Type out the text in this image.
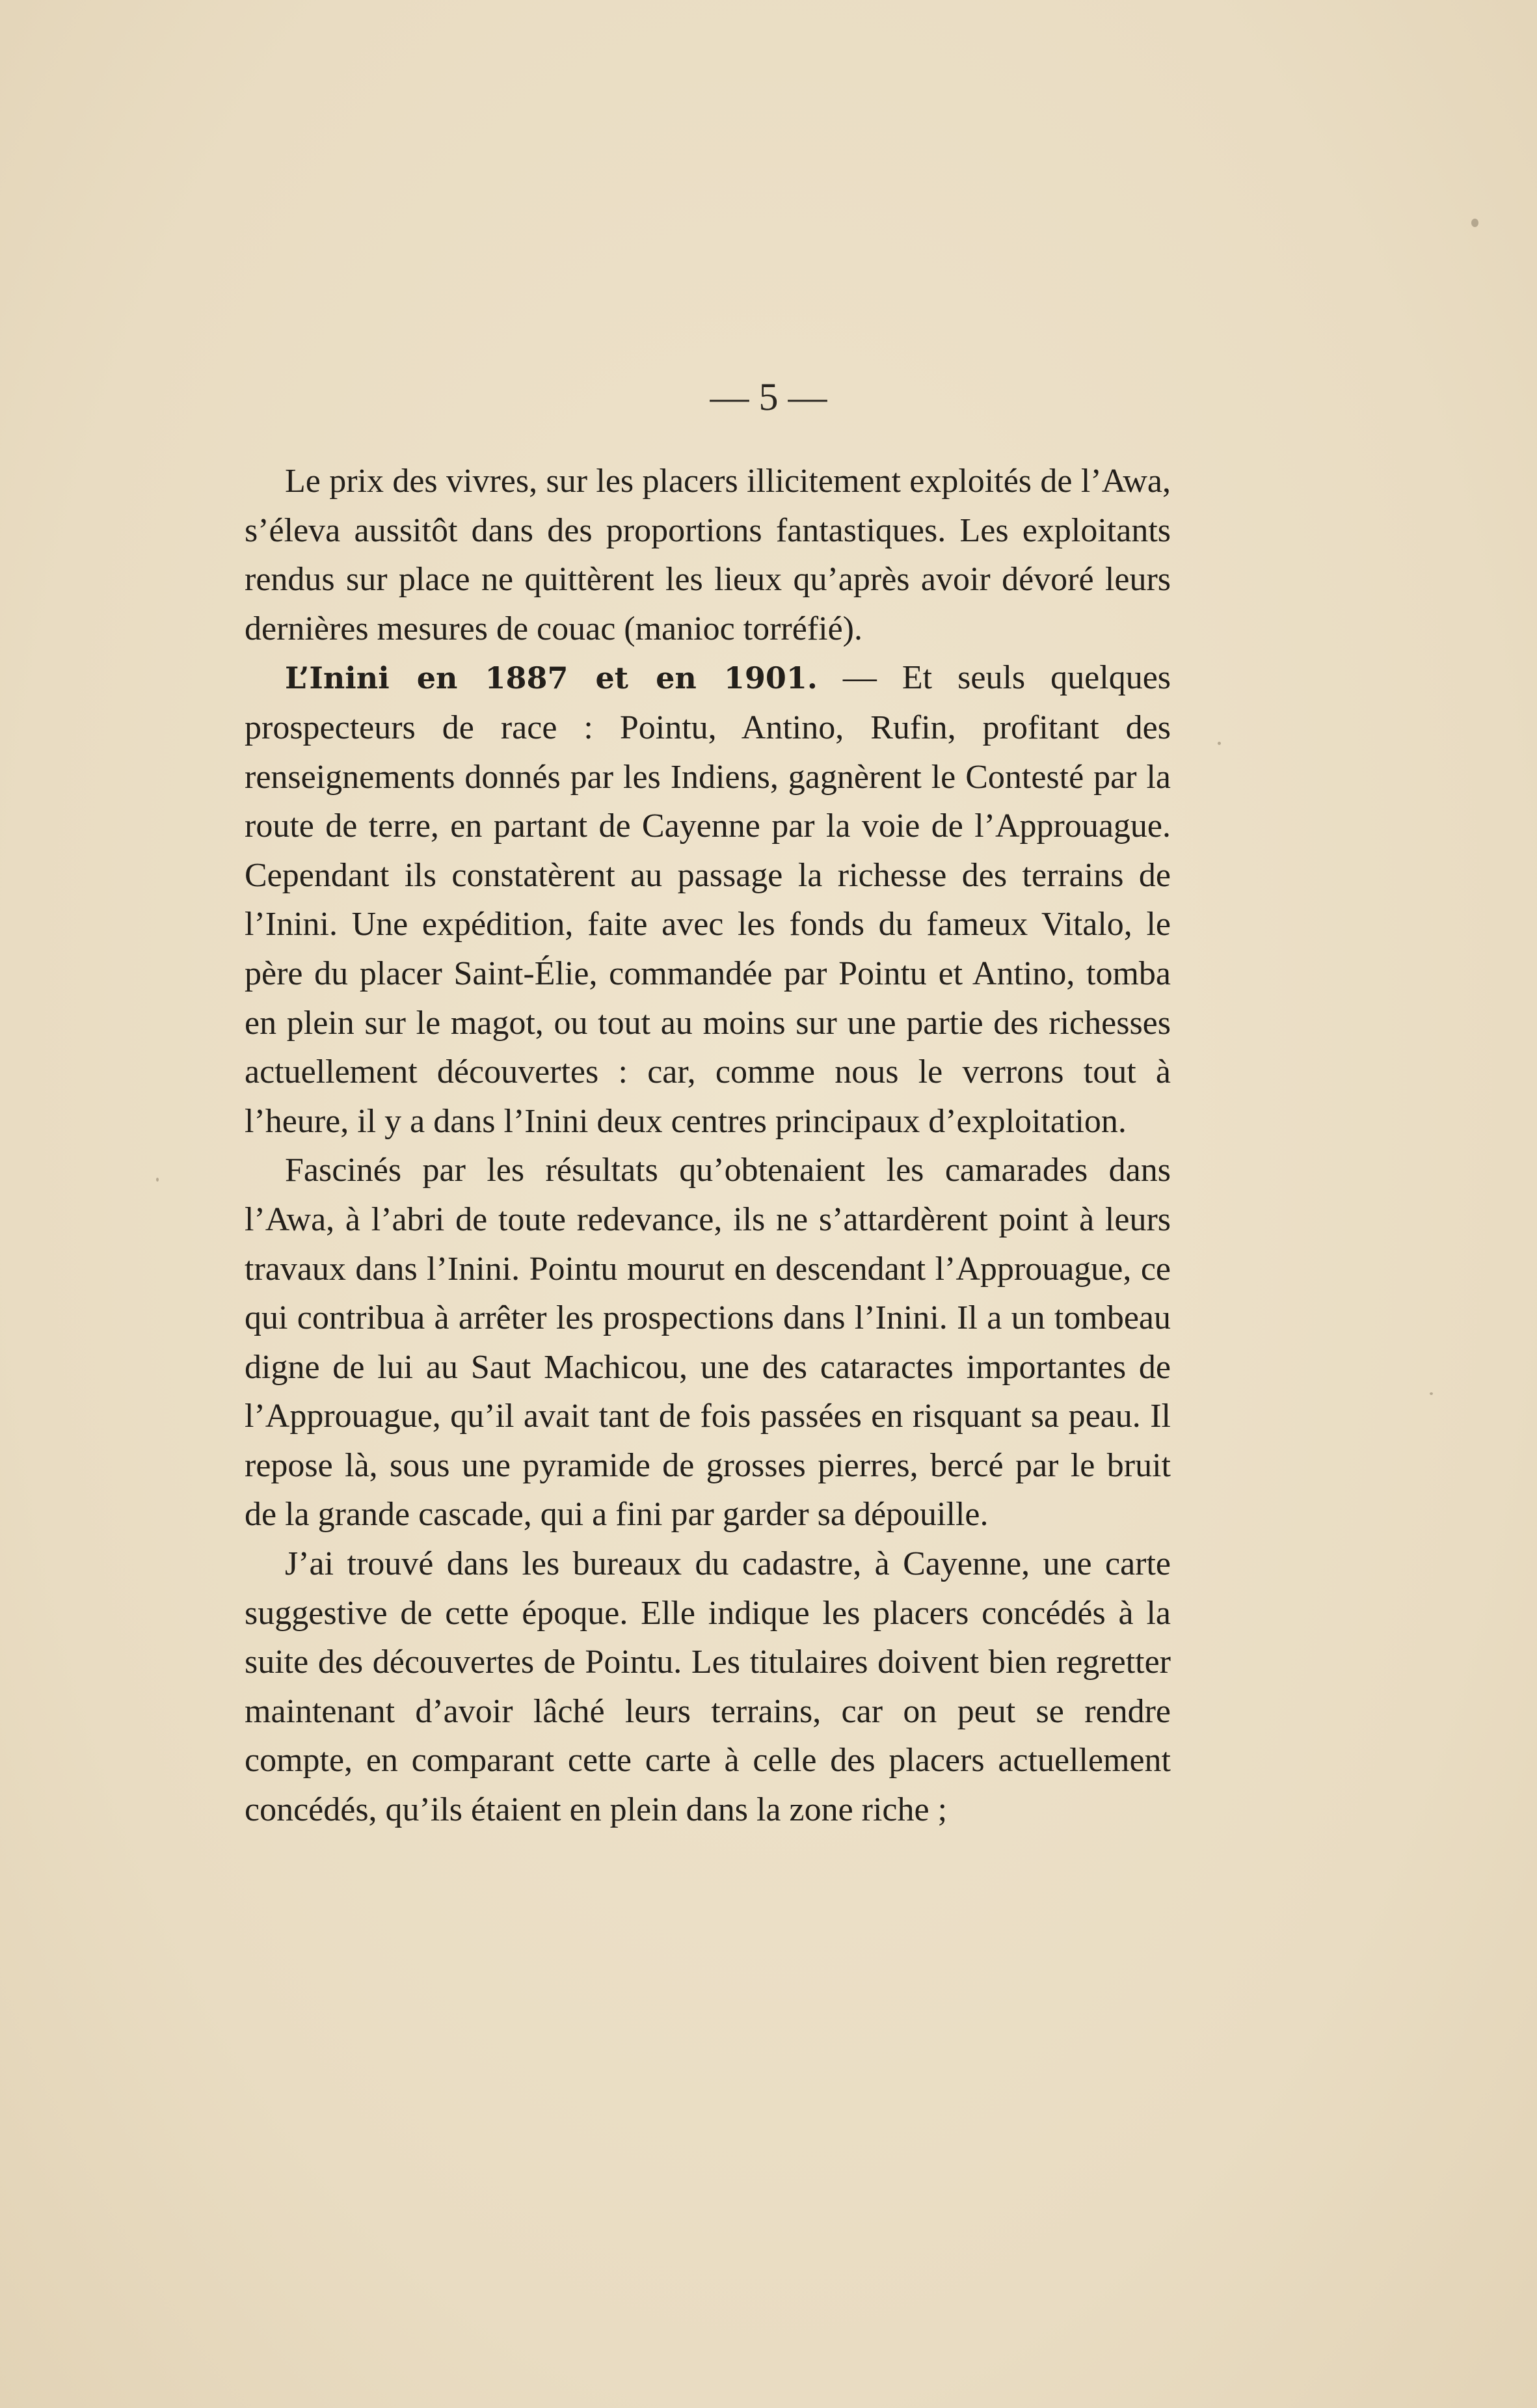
— 5 —

Le prix des vivres, sur les placers illicitement exploités de l’Awa, s’éleva aussitôt dans des proportions fantastiques. Les exploitants rendus sur place ne quittèrent les lieux qu’après avoir dévoré leurs dernières mesures de couac (manioc torréfié).

L’Inini en 1887 et en 1901. — Et seuls quelques prospecteurs de race : Pointu, Antino, Rufin, profitant des renseignements donnés par les Indiens, gagnèrent le Contesté par la route de terre, en partant de Cayenne par la voie de l’Approuague. Cependant ils constatèrent au passage la richesse des terrains de l’Inini. Une expédition, faite avec les fonds du fameux Vitalo, le père du placer Saint-Élie, commandée par Pointu et Antino, tomba en plein sur le magot, ou tout au moins sur une partie des richesses actuellement découvertes : car, comme nous le verrons tout à l’heure, il y a dans l’Inini deux centres principaux d’exploitation.

Fascinés par les résultats qu’obtenaient les camarades dans l’Awa, à l’abri de toute redevance, ils ne s’attardèrent point à leurs travaux dans l’Inini. Pointu mourut en descendant l’Approuague, ce qui contribua à arrêter les prospections dans l’Inini. Il a un tombeau digne de lui au Saut Machicou, une des cataractes importantes de l’Approuague, qu’il avait tant de fois passées en risquant sa peau. Il repose là, sous une pyramide de grosses pierres, bercé par le bruit de la grande cascade, qui a fini par garder sa dépouille.

J’ai trouvé dans les bureaux du cadastre, à Cayenne, une carte suggestive de cette époque. Elle indique les placers concédés à la suite des découvertes de Pointu. Les titulaires doivent bien regretter maintenant d’avoir lâché leurs terrains, car on peut se rendre compte, en comparant cette carte à celle des placers actuellement concédés, qu’ils étaient en plein dans la zone riche ;
